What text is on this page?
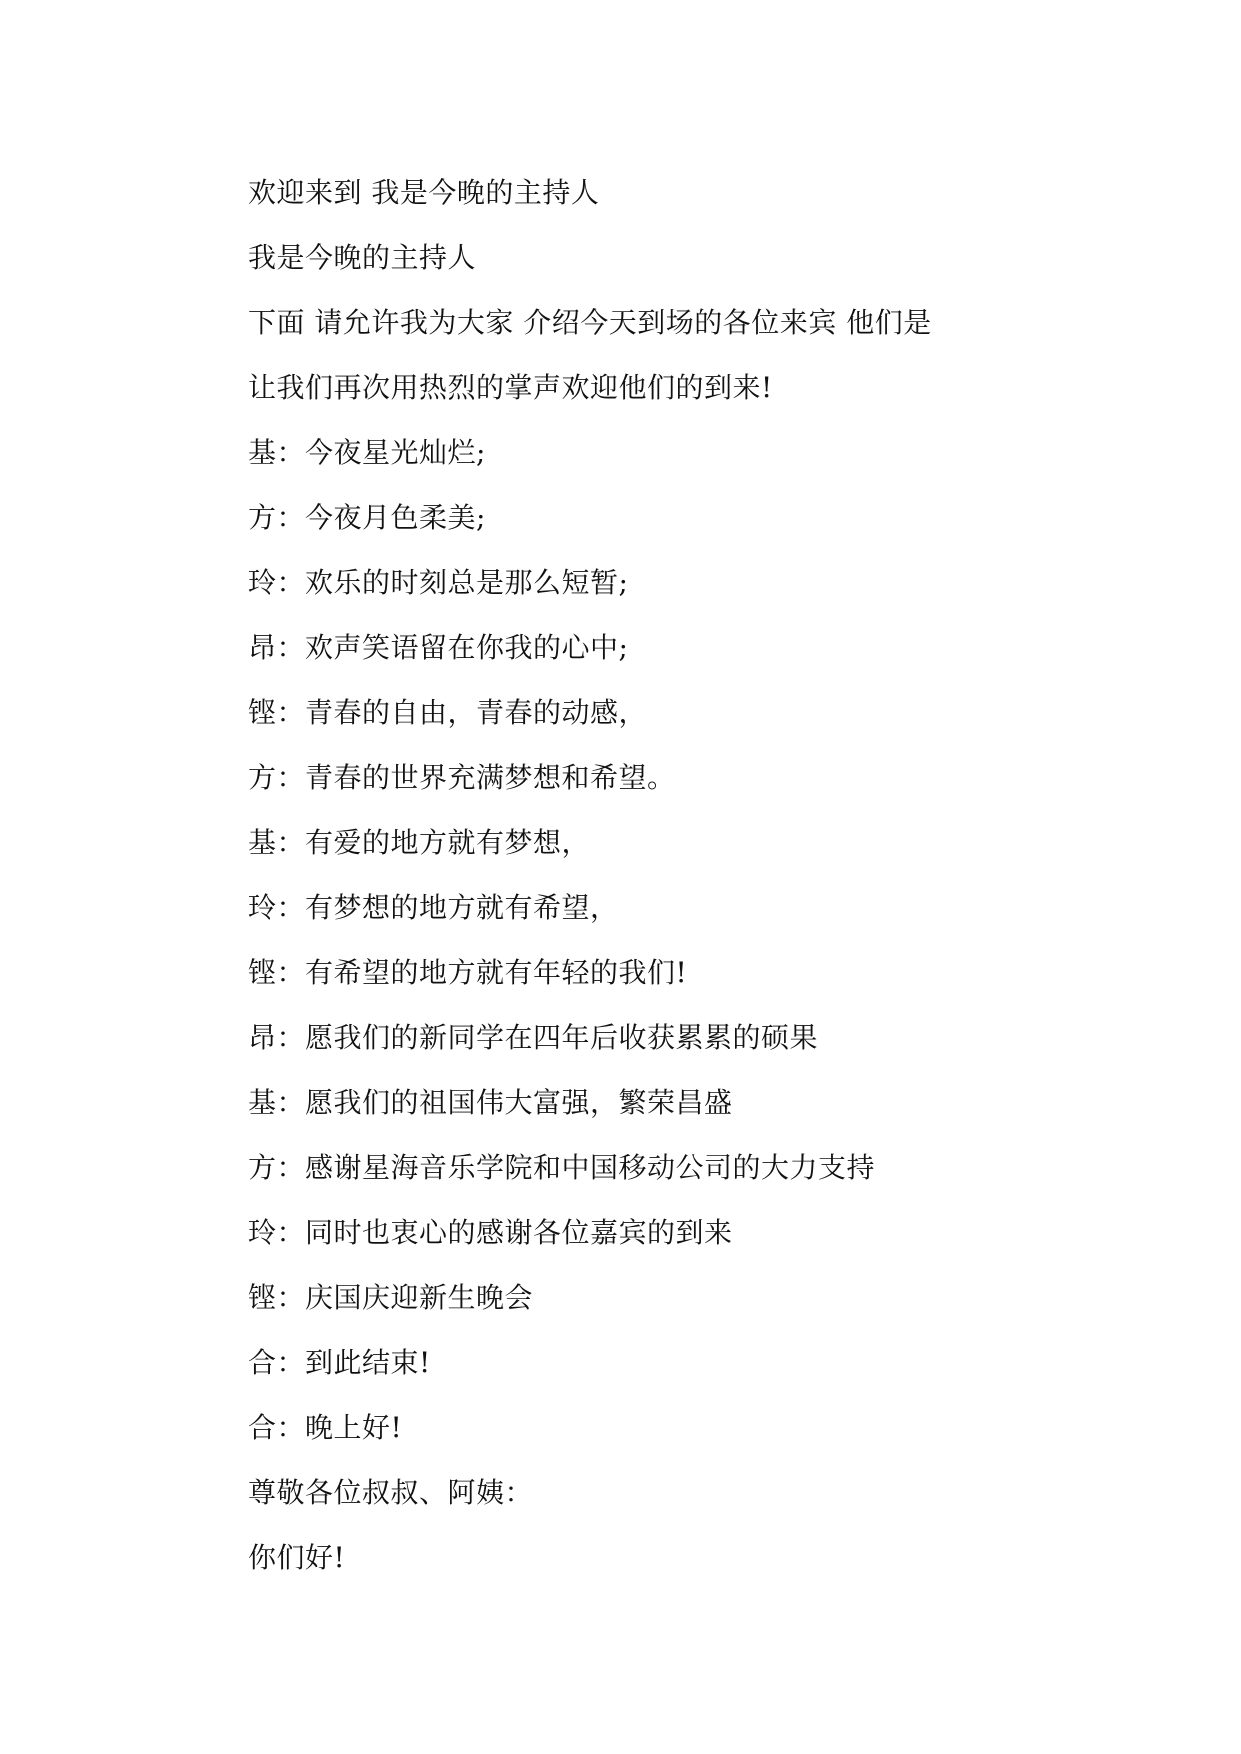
欢迎来到 我是今晚的主持人
我是今晚的主持人
下面 请允许我为大家 介绍今天到场的各位来宾 他们是
让我们再次用热烈的掌声欢迎他们的到来!
基：今夜星光灿烂;
方：今夜月色柔美;
玲：欢乐的时刻总是那么短暂;
昂：欢声笑语留在你我的心中;
铿：青春的自由，青春的动感，
方：青春的世界充满梦想和希望。
基：有爱的地方就有梦想，
玲：有梦想的地方就有希望，
铿：有希望的地方就有年轻的我们!
昂：愿我们的新同学在四年后收获累累的硕果
基：愿我们的祖国伟大富强，繁荣昌盛
方：感谢星海音乐学院和中国移动公司的大力支持
玲：同时也衷心的感谢各位嘉宾的到来
铿：庆国庆迎新生晚会
合：到此结束!
合：晚上好!
尊敬各位叔叔、阿姨：
你们好!
